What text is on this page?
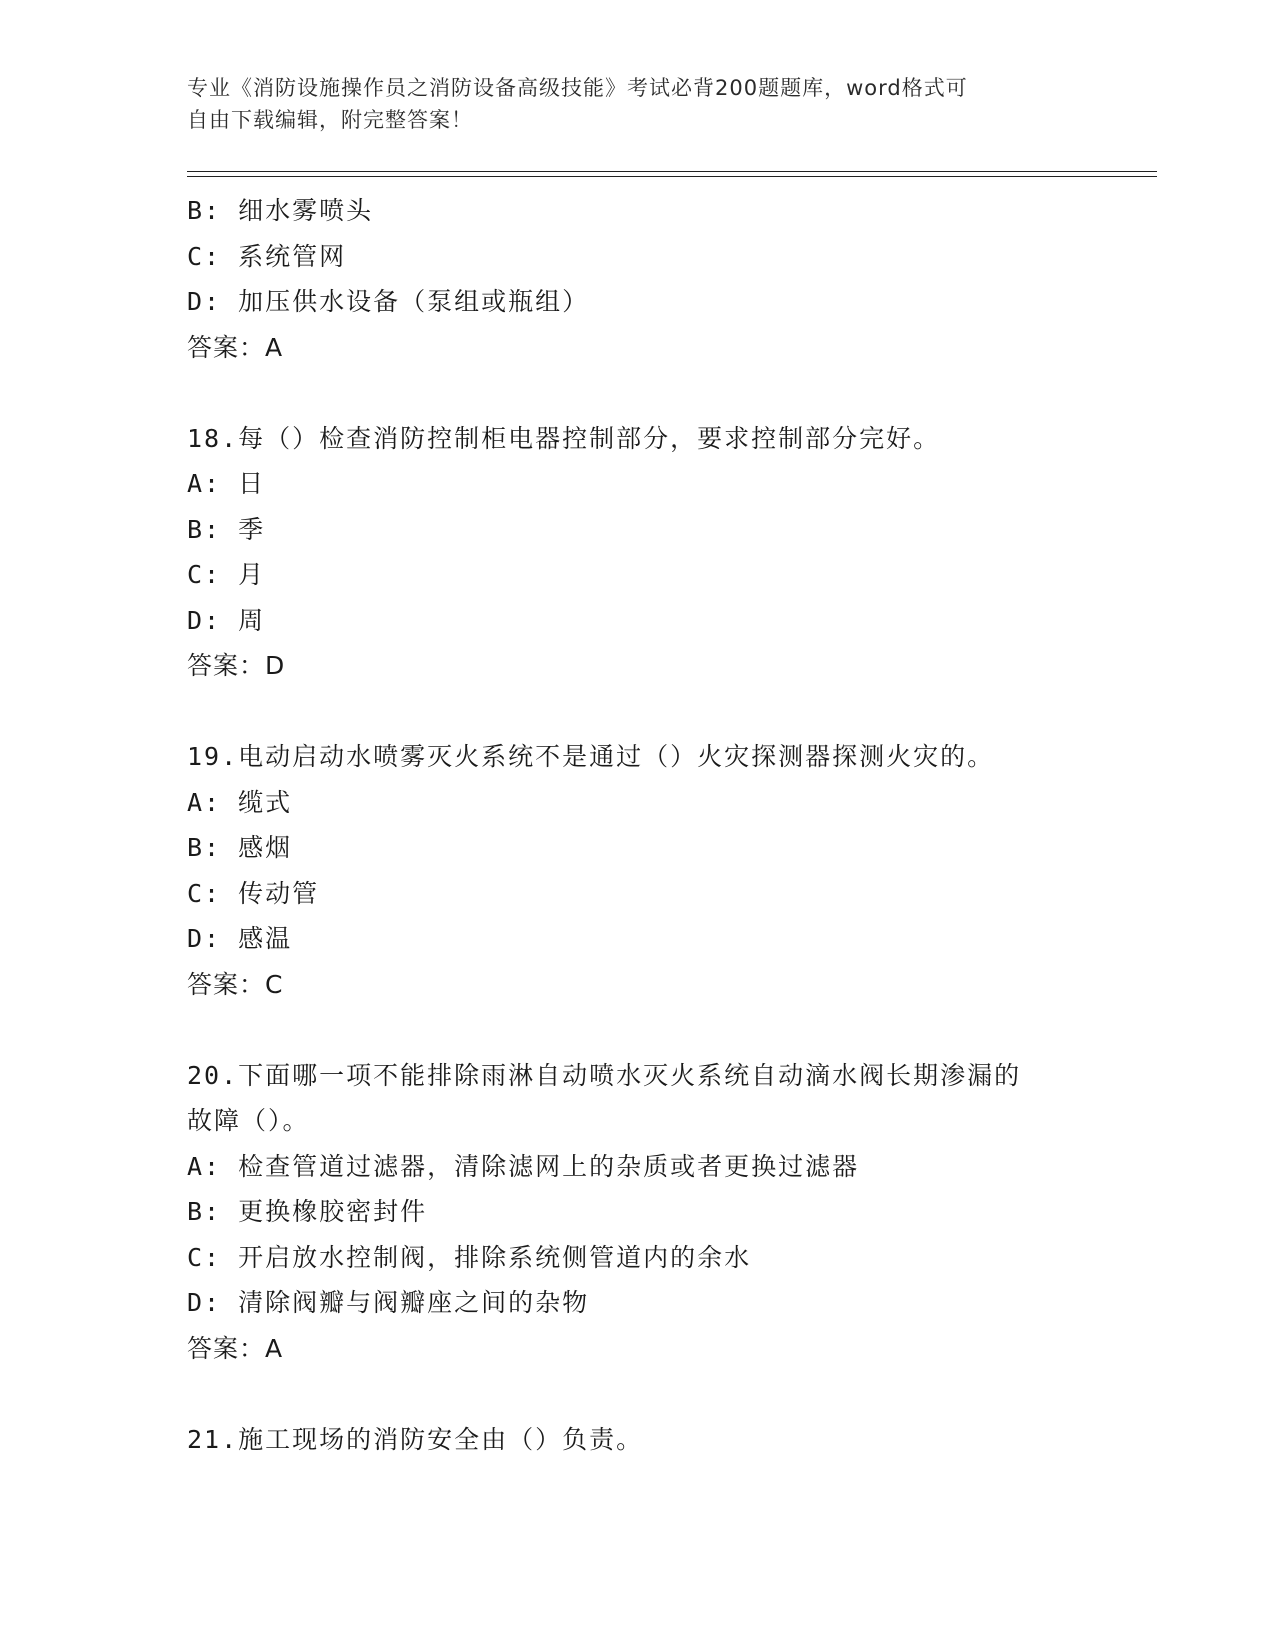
专业《消防设施操作员之消防设备高级技能》考试必背200题题库，word格式可
自由下载编辑，附完整答案！
B: 细水雾喷头
C: 系统管网
D: 加压供水设备（泵组或瓶组）
答案：A
18.每（）检查消防控制柜电器控制部分，要求控制部分完好。
A: 日
B: 季
C: 月
D: 周
答案：D
19.电动启动水喷雾灭火系统不是通过（）火灾探测器探测火灾的。
A: 缆式
B: 感烟
C: 传动管
D: 感温
答案：C
20.下面哪一项不能排除雨淋自动喷水灭火系统自动滴水阀长期渗漏的
故障（）。
A: 检查管道过滤器，清除滤网上的杂质或者更换过滤器
B: 更换橡胶密封件
C: 开启放水控制阀，排除系统侧管道内的余水
D: 清除阀瓣与阀瓣座之间的杂物
答案：A
21.施工现场的消防安全由（）负责。
